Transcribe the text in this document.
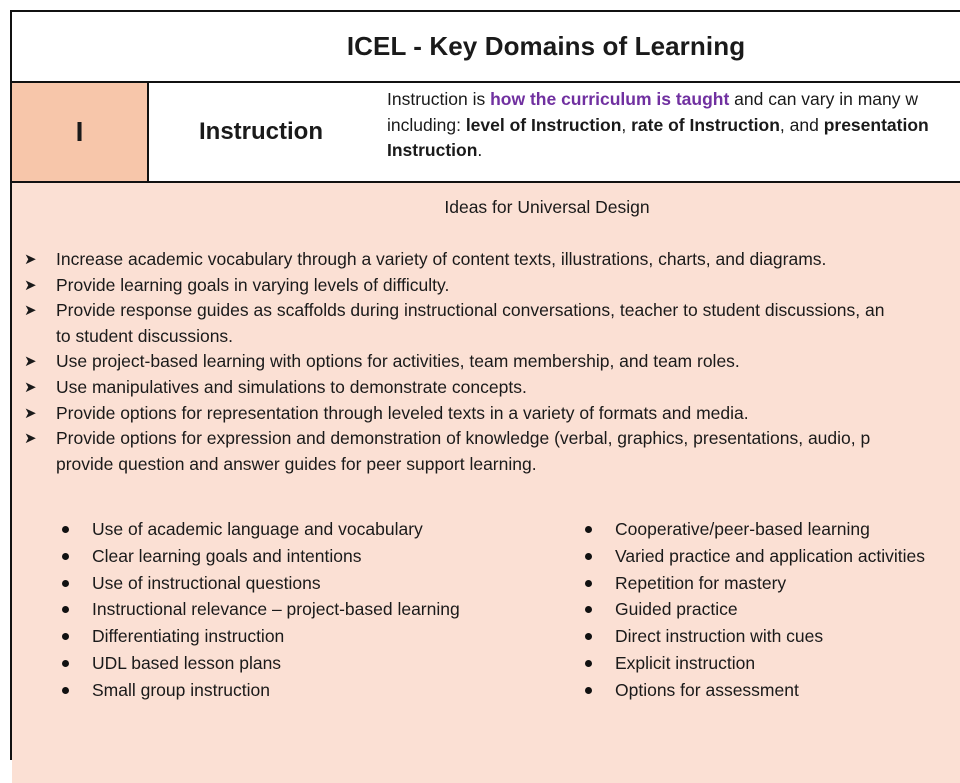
ICEL - Key Domains of Learning
I	Instruction
Instruction is how the curriculum is taught and can vary in many w
including: level of Instruction, rate of Instruction, and presentation
Instruction.
Ideas for Universal Design
➤ Increase academic vocabulary through a variety of content texts, illustrations, charts, and diagrams.
➤ Provide learning goals in varying levels of difficulty.
➤ Provide response guides as scaffolds during instructional conversations, teacher to student discussions, an
to student discussions.
➤ Use project-based learning with options for activities, team membership, and team roles.
➤ Use manipulatives and simulations to demonstrate concepts.
➤ Provide options for representation through leveled texts in a variety of formats and media.
➤ Provide options for expression and demonstration of knowledge (verbal, graphics, presentations, audio, p
provide question and answer guides for peer support learning.
Use of academic language and vocabulary
Clear learning goals and intentions
Use of instructional questions
Instructional relevance – project-based learning
Differentiating instruction
UDL based lesson plans
Small group instruction
Cooperative/peer-based learning
Varied practice and application activities
Repetition for mastery
Guided practice
Direct instruction with cues
Explicit instruction
Options for assessment
